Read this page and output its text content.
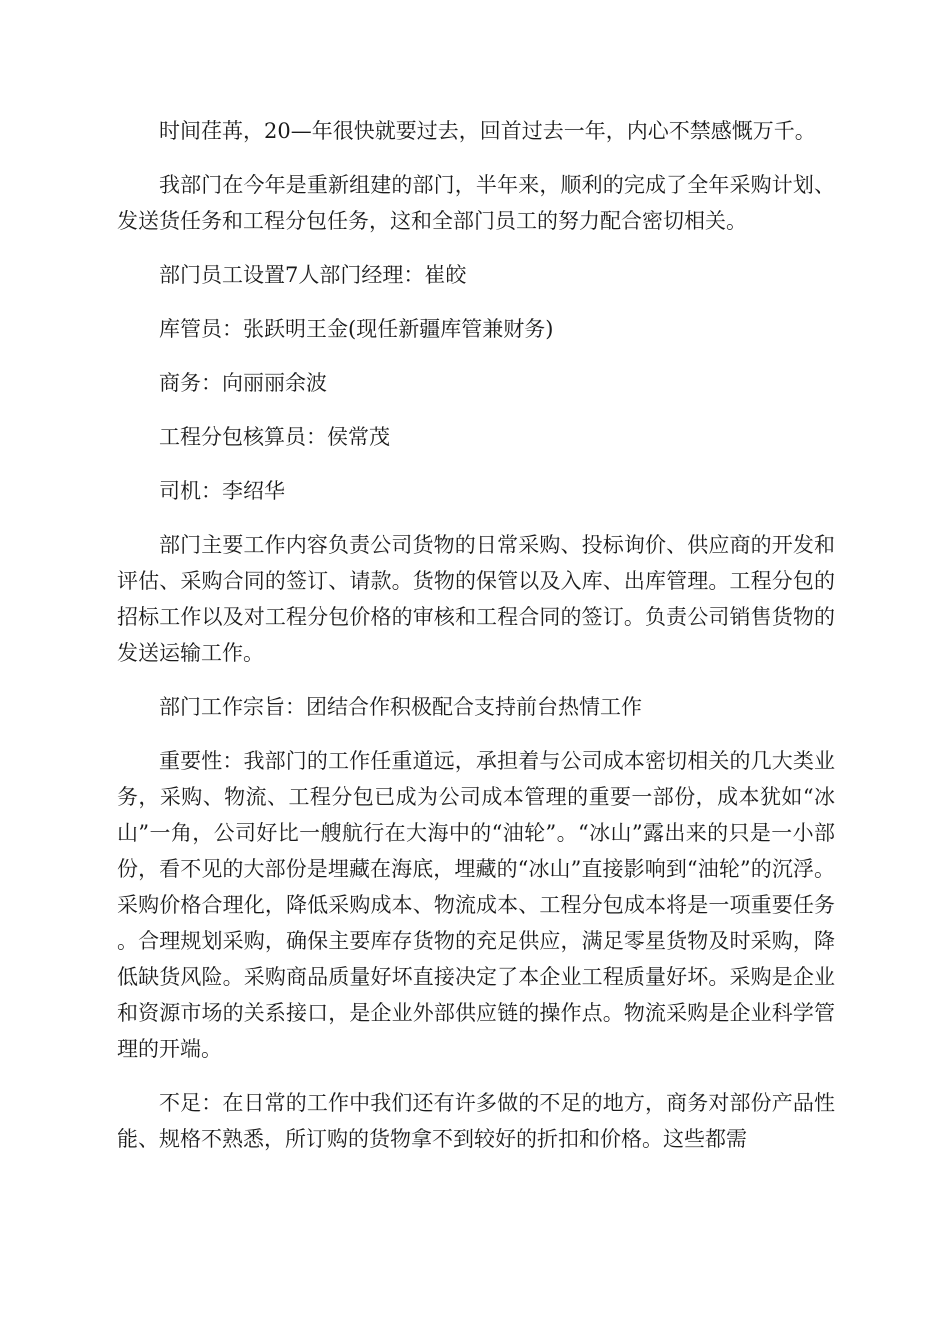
时间荏苒，20—年很快就要过去，回首过去一年，内心不禁感慨万千。

我部门在今年是重新组建的部门，半年来，顺利的完成了全年采购计划、发送货任务和工程分包任务，这和全部门员工的努力配合密切相关。

部门员工设置7人部门经理：崔皎

库管员：张跃明王金(现任新疆库管兼财务)

商务：向丽丽余波

工程分包核算员：侯常茂

司机：李绍华

部门主要工作内容负责公司货物的日常采购、投标询价、供应商的开发和评估、采购合同的签订、请款。货物的保管以及入库、出库管理。工程分包的招标工作以及对工程分包价格的审核和工程合同的签订。负责公司销售货物的发送运输工作。

部门工作宗旨：团结合作积极配合支持前台热情工作

重要性：我部门的工作任重道远，承担着与公司成本密切相关的几大类业务，采购、物流、工程分包已成为公司成本管理的重要一部份，成本犹如“冰山”一角，公司好比一艘航行在大海中的“油轮”。“冰山”露出来的只是一小部份，看不见的大部份是埋藏在海底，埋藏的“冰山”直接影响到“油轮”的沉浮。采购价格合理化，降低采购成本、物流成本、工程分包成本将是一项重要任务。合理规划采购，确保主要库存货物的充足供应，满足零星货物及时采购，降低缺货风险。采购商品质量好坏直接决定了本企业工程质量好坏。采购是企业和资源市场的关系接口，是企业外部供应链的操作点。物流采购是企业科学管理的开端。

不足：在日常的工作中我们还有许多做的不足的地方，商务对部份产品性能、规格不熟悉，所订购的货物拿不到较好的折扣和价格。这些都需
